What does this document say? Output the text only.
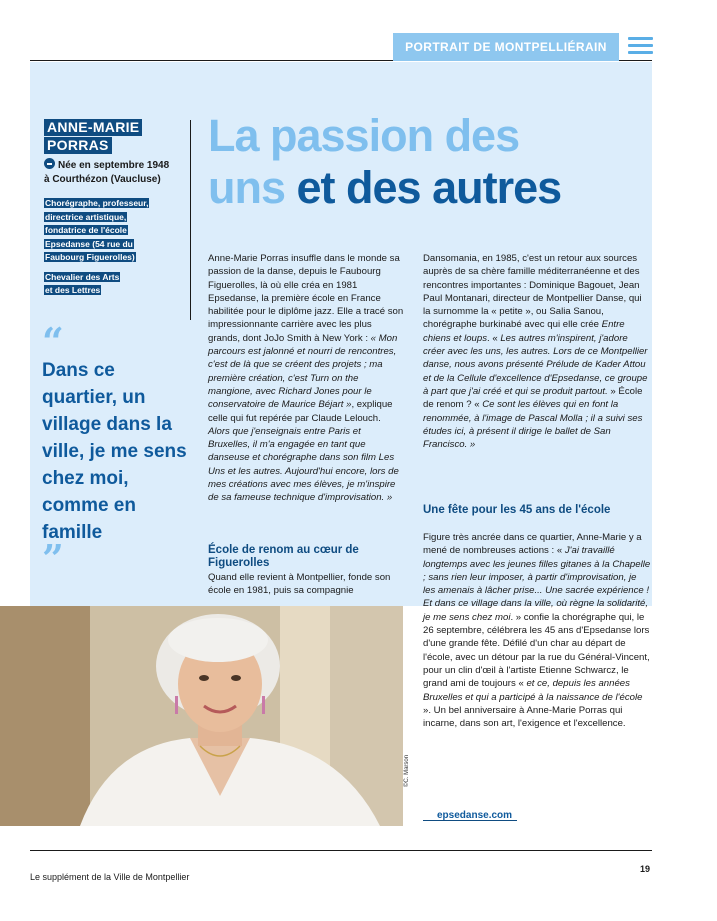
PORTRAIT DE MONTPELLIÉRAIN
ANNE-MARIE
PORRAS
Née en septembre 1948
à Courthézon (Vaucluse)

Chorégraphe, professeur,
directrice artistique,
fondatrice de l'école
Epsedanse (54 rue du
Faubourg Figuerolles)

Chevalier des Arts
et des Lettres

“
Dans ce quartier, un village dans la ville, je me sens chez moi, comme en famille
”
La passion des
uns et des autres
Anne-Marie Porras insuffle dans le monde sa passion de la danse, depuis le Faubourg Figuerolles, là où elle créa en 1981 Epsedanse, la première école en France habilitée pour le diplôme jazz. Elle a tracé son impressionnante carrière avec les plus grands, dont JoJo Smith à New York : « Mon parcours est jalonné et nourri de rencontres, c'est de là que se créent des projets ; ma première création, c'est Turn on the mangione, avec Richard Jones pour le conservatoire de Maurice Béjart », explique celle qui fut repérée par Claude Lelouch. Alors que j'enseignais entre Paris et Bruxelles, il m'a engagée en tant que danseuse et chorégraphe dans son film Les Uns et les autres. Aujourd'hui encore, lors de mes créations avec mes élèves, je m'inspire de sa fameuse technique d'improvisation. »
École de renom au cœur de Figuerolles
Quand elle revient à Montpellier, fonde son école en 1981, puis sa compagnie
Dansomania, en 1985, c'est un retour aux sources auprès de sa chère famille méditerranéenne et des rencontres importantes : Dominique Bagouet, Jean Paul Montanari, directeur de Montpellier Danse, qui la surnomme la « petite », ou Salia Sanou, chorégraphe burkinabé avec qui elle crée Entre chiens et loups. « Les autres m'inspirent, j'adore créer avec les uns, les autres. Lors de ce Montpellier danse, nous avons présenté Prélude de Kader Attou et de la Cellule d'excellence d'Epsedanse, ce groupe à part que j'ai créé et qui se produit partout. » École de renom ? « Ce sont les élèves qui en font la renommée, à l'image de Pascal Molla ; il a suivi ses études ici, à présent il dirige le ballet de San Francisco. »
Une fête pour les 45 ans de l'école
Figure très ancrée dans ce quartier, Anne-Marie y a mené de nombreuses actions : « J'ai travaillé longtemps avec les jeunes filles gitanes à la Chapelle ; sans rien leur imposer, à partir d'improvisation, je les amenais à lâcher prise... Une sacrée expérience ! Et dans ce village dans la ville, où règne la solidarité, je me sens chez moi. » confie la chorégraphe qui, le 26 septembre, célébrera les 45 ans d'Epsedanse lors d'une grande fête. Défilé d'un char au départ de l'école, avec un détour par la rue du Général-Vincent, pour un clin d'œil à l'artiste Etienne Schwarcz, le grand ami de toujours « et ce, depuis les années Bruxelles et qui a participé à la naissance de l'école ». Un bel anniversaire à Anne-Marie Porras qui incarne, dans son art, l'exigence et l'excellence.
epsedanse.com
©C. Marson
Le supplément de la Ville de Montpellier
19
